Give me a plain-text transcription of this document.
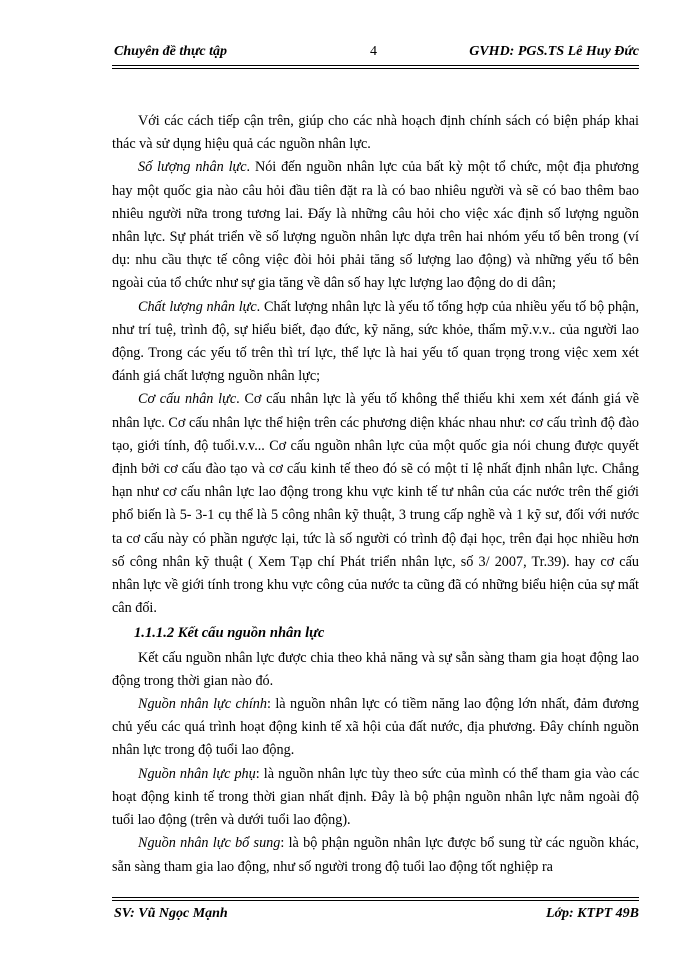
Chuyên đề thực tập	4	GVHD: PGS.TS Lê Huy Đức

Với các cách tiếp cận trên, giúp cho các nhà hoạch định chính sách có biện pháp khai thác và sử dụng hiệu quả các nguồn nhân lực.

Số lượng nhân lực. Nói đến nguồn nhân lực của bất kỳ một tổ chức, một địa phương hay một quốc gia nào câu hỏi đầu tiên đặt ra là có bao nhiêu người và sẽ có bao thêm bao nhiêu người nữa trong tương lai. Đấy là những câu hỏi cho việc xác định số lượng nguồn nhân lực. Sự phát triển về số lượng nguồn nhân lực dựa trên hai nhóm yếu tố bên trong (ví dụ: nhu cầu thực tế công việc đòi hỏi phải tăng số lượng lao động) và những yếu tố bên ngoài của tổ chức như sự gia tăng về dân số hay lực lượng lao động do di dân;

Chất lượng nhân lực. Chất lượng nhân lực là yếu tố tổng hợp của nhiều yếu tố bộ phận, như trí tuệ, trình độ, sự hiểu biết, đạo đức, kỹ năng, sức khỏe, thẩm mỹ.v.v.. của người lao động. Trong các yếu tố trên thì trí lực, thể lực là hai yếu tố quan trọng trong việc xem xét đánh giá chất lượng nguồn nhân lực;

Cơ cấu nhân lực. Cơ cấu nhân lực là yếu tố không thể thiếu khi xem xét đánh giá về nhân lực. Cơ cấu nhân lực thể hiện trên các phương diện khác nhau như: cơ cấu trình độ đào tạo, giới tính, độ tuổi.v.v... Cơ cấu nguồn nhân lực của một quốc gia nói chung được quyết định bởi cơ cấu đào tạo và cơ cấu kinh tế theo đó sẽ có một tỉ lệ nhất định nhân lực. Chẳng hạn như cơ cấu nhân lực lao động trong khu vực kinh tế tư nhân của các nước trên thế giới phổ biến là 5- 3-1 cụ thể là 5 công nhân kỹ thuật, 3 trung cấp nghề và 1 kỹ sư, đối với nước ta cơ cấu này có phần ngược lại, tức là số người có trình độ đại học, trên đại học nhiều hơn số công nhân kỹ thuật ( Xem Tạp chí Phát triển nhân lực, số 3/ 2007, Tr.39). hay cơ cấu nhân lực về giới tính trong khu vực công của nước ta cũng đã có những biểu hiện của sự mất cân đối.

1.1.1.2 Kết cấu nguồn nhân lực

Kết cấu nguồn nhân lực được chia theo khả năng và sự sẵn sàng tham gia hoạt động lao động trong thời gian nào đó.

Nguồn nhân lực chính: là nguồn nhân lực có tiềm năng lao động lớn nhất, đảm đương chủ yếu các quá trình hoạt động kinh tế xã hội của đất nước, địa phương. Đây chính nguồn nhân lực trong độ tuổi lao động.

Nguồn nhân lực phụ: là nguồn nhân lực tùy theo sức của mình có thể tham gia vào các hoạt động kinh tế trong thời gian nhất định. Đây là bộ phận nguồn nhân lực nằm ngoài độ tuổi lao động (trên và dưới tuổi lao động).

Nguồn nhân lực bổ sung: là bộ phận nguồn nhân lực được bổ sung từ các nguồn khác, sẵn sàng tham gia lao động, như số người trong độ tuổi lao động tốt nghiệp ra

SV: Vũ Ngọc Mạnh	Lớp: KTPT 49B
